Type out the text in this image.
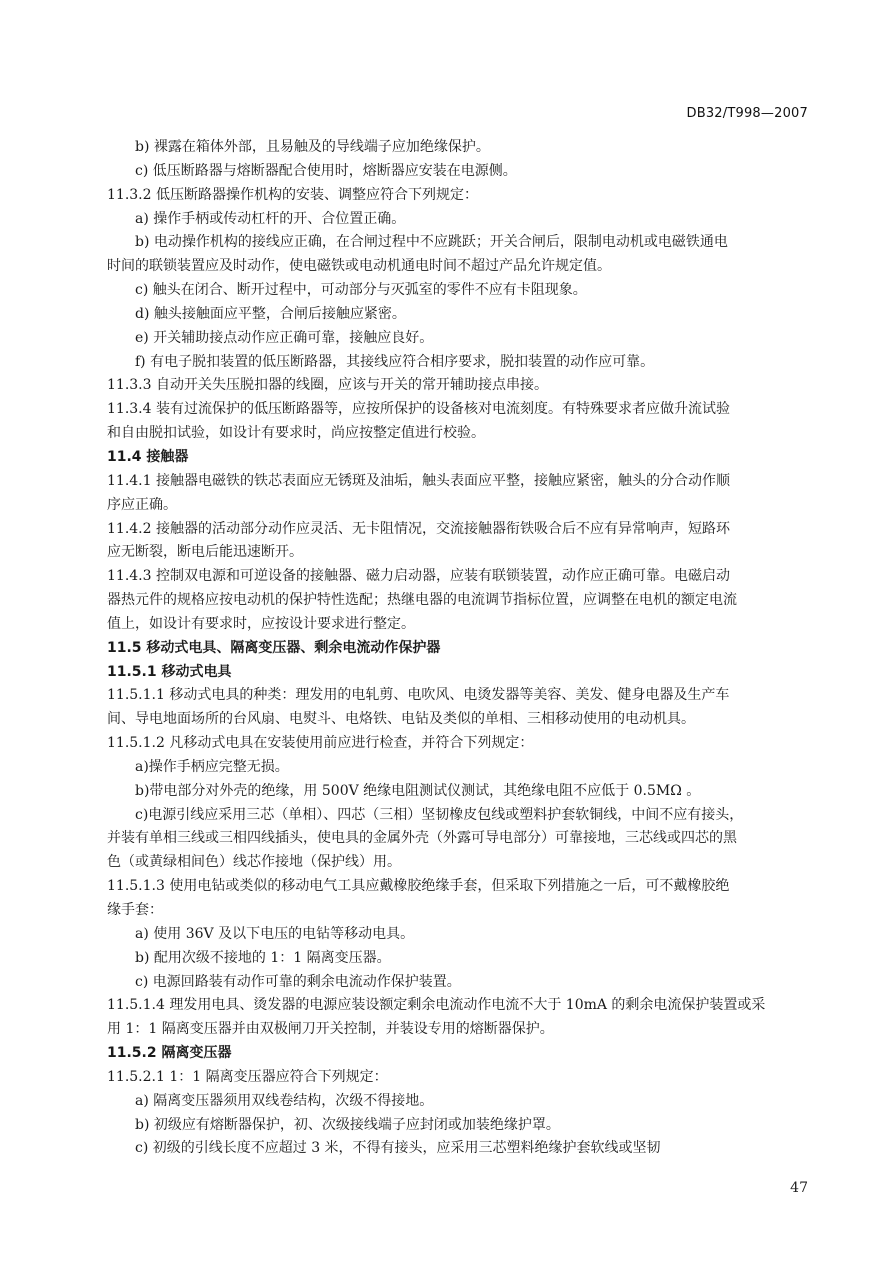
DB32/T998—2007
b) 裸露在箱体外部，且易触及的导线端子应加绝缘保护。
c) 低压断路器与熔断器配合使用时，熔断器应安装在电源侧。
11.3.2 低压断路器操作机构的安装、调整应符合下列规定：
a) 操作手柄或传动杠杆的开、合位置正确。
b) 电动操作机构的接线应正确，在合闸过程中不应跳跃；开关合闸后，限制电动机或电磁铁通电
时间的联锁装置应及时动作，使电磁铁或电动机通电时间不超过产品允许规定值。
c) 触头在闭合、断开过程中，可动部分与灭弧室的零件不应有卡阻现象。
d) 触头接触面应平整，合闸后接触应紧密。
e) 开关辅助接点动作应正确可靠，接触应良好。
f) 有电子脱扣装置的低压断路器，其接线应符合相序要求，脱扣装置的动作应可靠。
11.3.3 自动开关失压脱扣器的线圈，应该与开关的常开辅助接点串接。
11.3.4 装有过流保护的低压断路器等，应按所保护的设备核对电流刻度。有特殊要求者应做升流试验
和自由脱扣试验，如设计有要求时，尚应按整定值进行校验。
11.4 接触器
11.4.1 接触器电磁铁的铁芯表面应无锈斑及油垢，触头表面应平整，接触应紧密，触头的分合动作顺
序应正确。
11.4.2 接触器的活动部分动作应灵活、无卡阻情况，交流接触器衔铁吸合后不应有异常响声，短路环
应无断裂，断电后能迅速断开。
11.4.3 控制双电源和可逆设备的接触器、磁力启动器，应装有联锁装置，动作应正确可靠。电磁启动
器热元件的规格应按电动机的保护特性选配；热继电器的电流调节指标位置，应调整在电机的额定电流
值上，如设计有要求时，应按设计要求进行整定。
11.5 移动式电具、隔离变压器、剩余电流动作保护器
11.5.1 移动式电具
11.5.1.1 移动式电具的种类：理发用的电轧剪、电吹风、电烫发器等美容、美发、健身电器及生产车
间、导电地面场所的台风扇、电熨斗、电烙铁、电钻及类似的单相、三相移动使用的电动机具。
11.5.1.2 凡移动式电具在安装使用前应进行检查，并符合下列规定：
a)操作手柄应完整无损。
b)带电部分对外壳的绝缘，用 500V 绝缘电阻测试仪测试，其绝缘电阻不应低于 0.5MΩ 。
c)电源引线应采用三芯（单相）、四芯（三相）坚韧橡皮包线或塑料护套软铜线，中间不应有接头，
并装有单相三线或三相四线插头，使电具的金属外壳（外露可导电部分）可靠接地，三芯线或四芯的黑
色（或黄绿相间色）线芯作接地（保护线）用。
11.5.1.3 使用电钻或类似的移动电气工具应戴橡胶绝缘手套，但采取下列措施之一后，可不戴橡胶绝
缘手套：
a) 使用 36V 及以下电压的电钻等移动电具。
b) 配用次级不接地的 1：1 隔离变压器。
c) 电源回路装有动作可靠的剩余电流动作保护装置。
11.5.1.4 理发用电具、烫发器的电源应装设额定剩余电流动作电流不大于 10mA 的剩余电流保护装置或采
用 1：1 隔离变压器并由双极闸刀开关控制，并装设专用的熔断器保护。
11.5.2 隔离变压器
11.5.2.1 1：1 隔离变压器应符合下列规定：
a) 隔离变压器须用双线卷结构，次级不得接地。
b) 初级应有熔断器保护，初、次级接线端子应封闭或加装绝缘护罩。
c) 初级的引线长度不应超过 3 米，不得有接头，应采用三芯塑料绝缘护套软线或坚韧
47
